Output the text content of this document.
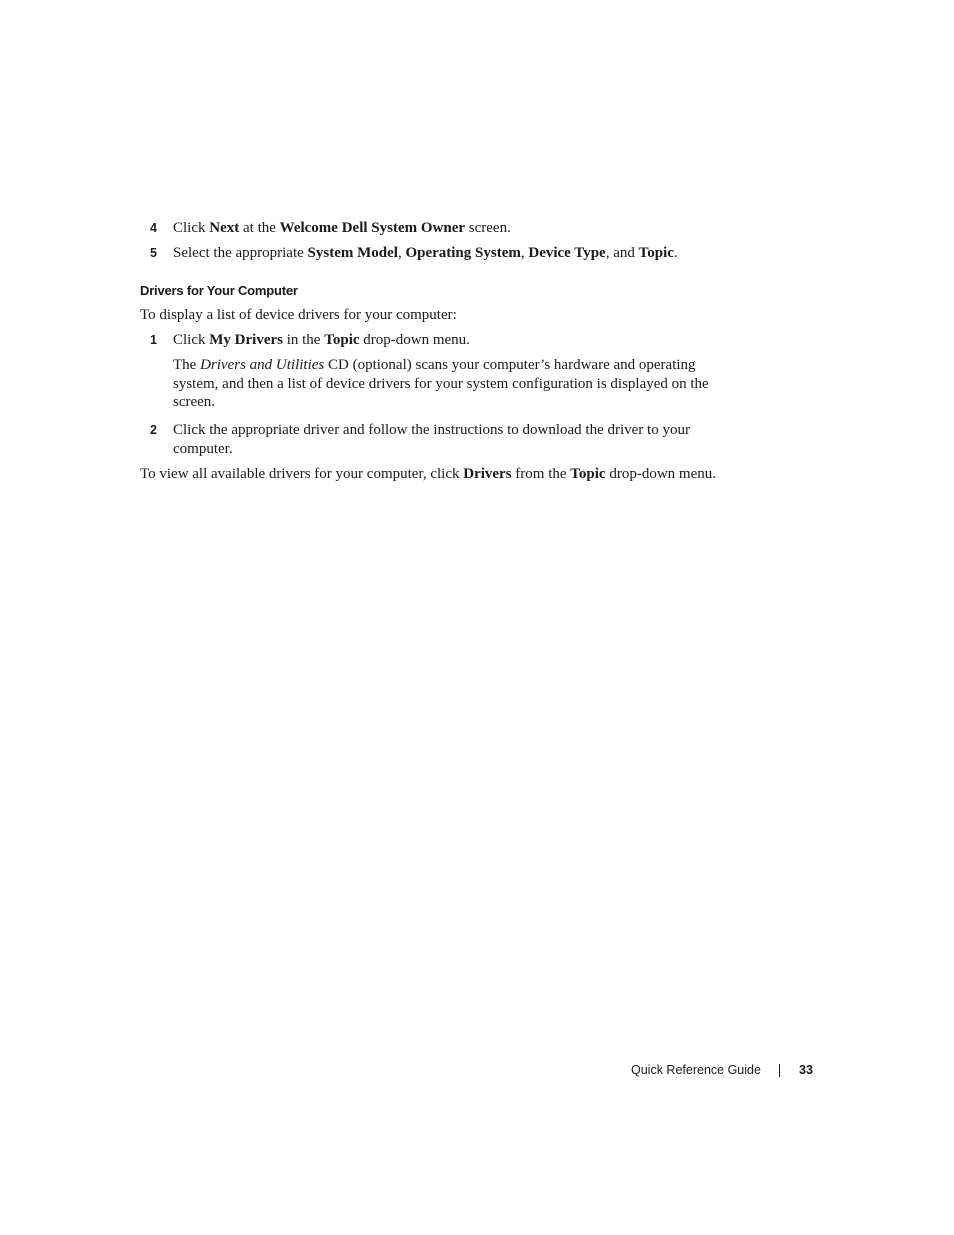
4 Click Next at the Welcome Dell System Owner screen.
5 Select the appropriate System Model, Operating System, Device Type, and Topic.
Drivers for Your Computer
To display a list of device drivers for your computer:
1 Click My Drivers in the Topic drop-down menu.
The Drivers and Utilities CD (optional) scans your computer’s hardware and operating
system, and then a list of device drivers for your system configuration is displayed on the
screen.
2 Click the appropriate driver and follow the instructions to download the driver to your
computer.
To view all available drivers for your computer, click Drivers from the Topic drop-down menu.
Quick Reference Guide	33
